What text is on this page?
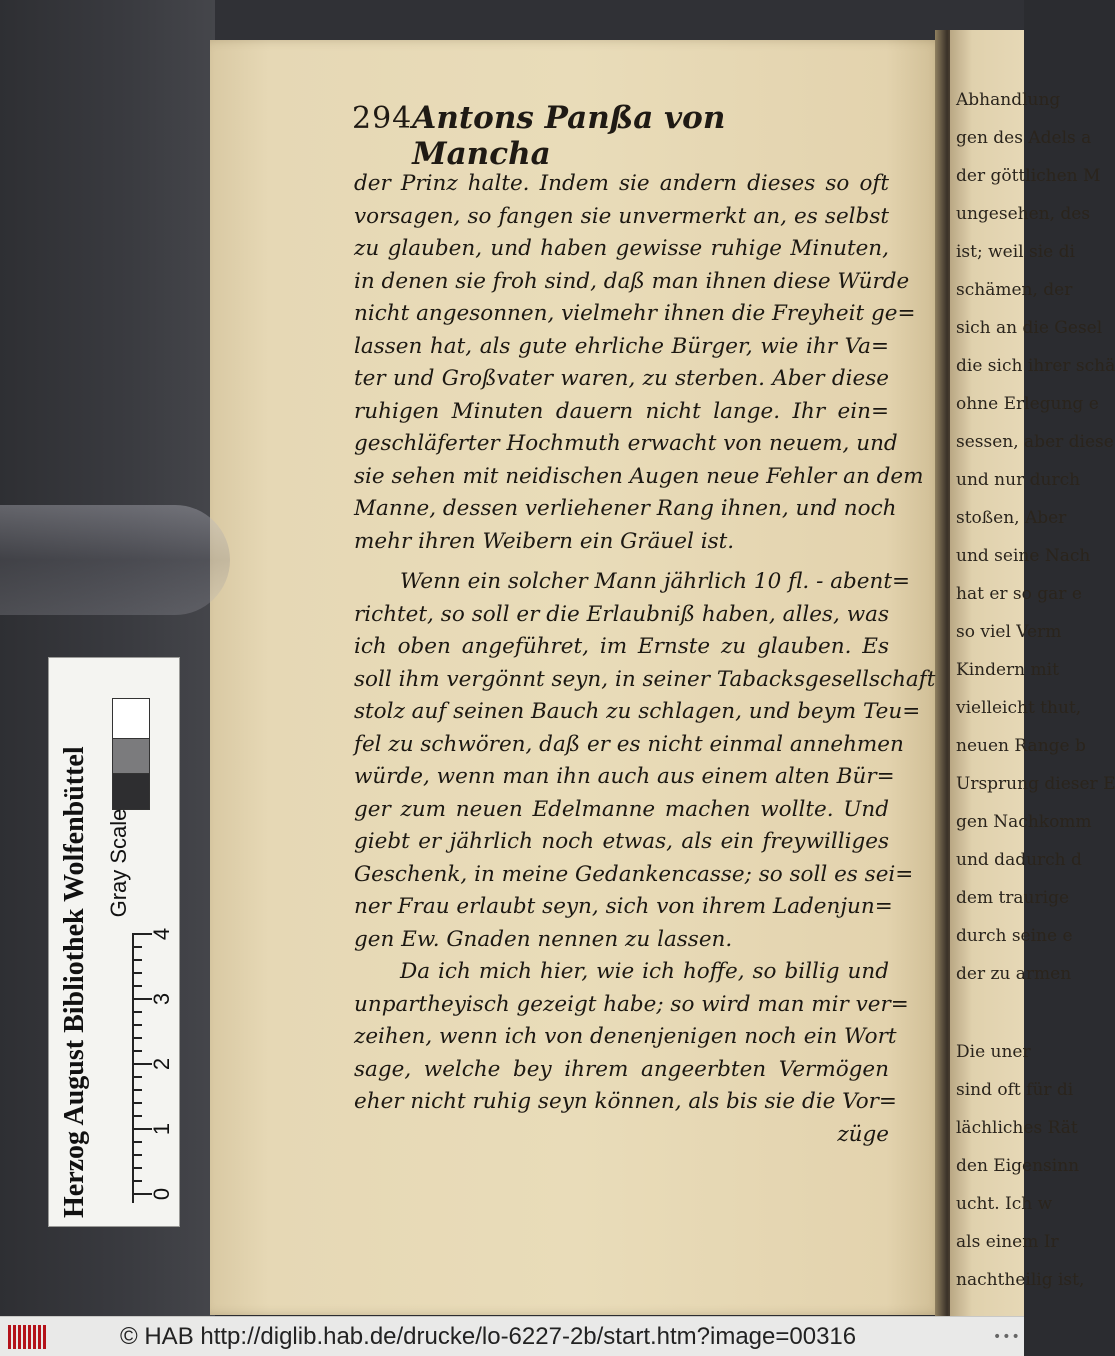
Abhandlung
gen des Adels a
der göttlichen M
ungesehen, des
ist; weil sie di
schämen, der
sich an die Gesel
die sich ihrer schä
ohne Erlegung e
sessen, aber diese
und nur durch
stoßen, Aber
und seine Nach
hat er so gar e
so viel Verm
Kindern mit
vielleicht thut,
neuen Range b
Ursprung dieser E
gen Nachkomm
und dadurch d
dem traurige
durch seine e
der zu armen
Die uner
sind oft für di
lächliches Rät
den Eigensinn
ucht. Ich w
als einem Ir
nachtheilig ist,
294 Antons Panßa von Mancha
der Prinz halte. Indem sie andern dieses so oft
vorsagen, so fangen sie unvermerkt an, es selbst
zu glauben, und haben gewisse ruhige Minuten,
in denen sie froh sind, daß man ihnen diese Würde
nicht angesonnen, vielmehr ihnen die Freyheit ge=
lassen hat, als gute ehrliche Bürger, wie ihr Va=
ter und Großvater waren, zu sterben. Aber diese
ruhigen Minuten dauern nicht lange. Ihr ein=
geschläferter Hochmuth erwacht von neuem, und
sie sehen mit neidischen Augen neue Fehler an dem
Manne, dessen verliehener Rang ihnen, und noch
mehr ihren Weibern ein Gräuel ist.
Wenn ein solcher Mann jährlich 10 fl. - abent=
richtet, so soll er die Erlaubniß haben, alles, was
ich oben angeführet, im Ernste zu glauben. Es
soll ihm vergönnt seyn, in seiner Tabacksgesellschaft
stolz auf seinen Bauch zu schlagen, und beym Teu=
fel zu schwören, daß er es nicht einmal annehmen
würde, wenn man ihn auch aus einem alten Bür=
ger zum neuen Edelmanne machen wollte. Und
giebt er jährlich noch etwas, als ein freywilliges
Geschenk, in meine Gedankencasse; so soll es sei=
ner Frau erlaubt seyn, sich von ihrem Ladenjun=
gen Ew. Gnaden nennen zu lassen.
Da ich mich hier, wie ich hoffe, so billig und
unpartheyisch gezeigt habe; so wird man mir ver=
zeihen, wenn ich von denenjenigen noch ein Wort
sage, welche bey ihrem angeerbten Vermögen
eher nicht ruhig seyn können, als bis sie die Vor=
züge
Herzog August Bibliothek Wolfenbüttel Gray Scale
0
1
2
3
4
© HAB http://diglib.hab.de/drucke/lo-6227-2b/start.htm?image=00316	•••
